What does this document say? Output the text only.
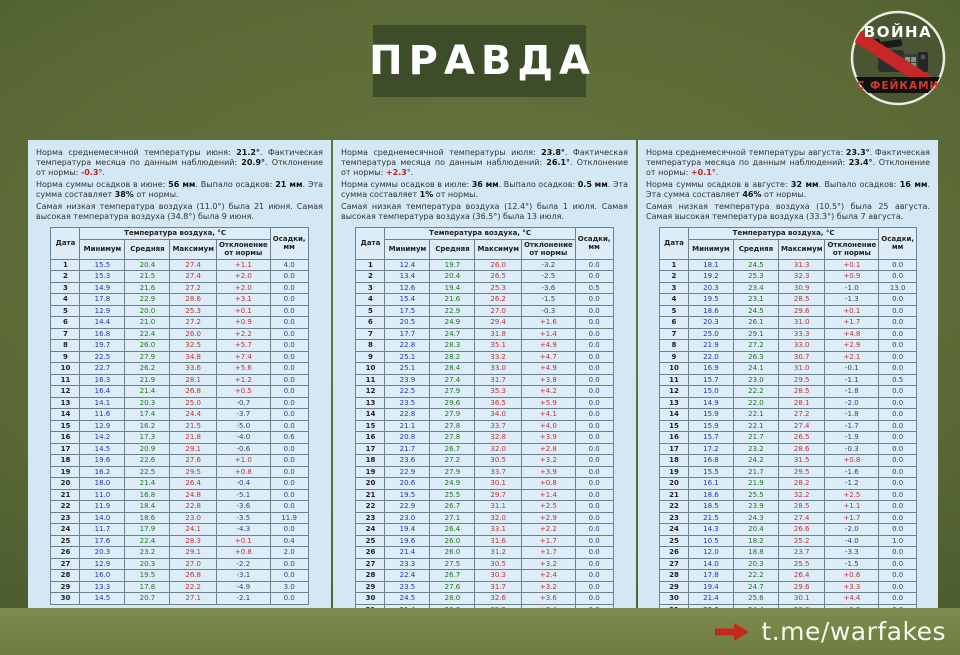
ПРАВДА
ВОЙНА
С ФЕЙКАМИ

Норма среднемесячной температуры июня: 21.2°. Фактическая температура месяца по данным наблюдений: 20.9°. Отклонение от нормы: -0.3°.

Норма суммы осадков в июне: 56 мм. Выпало осадков: 21 мм. Эта сумма составляет 38% от нормы.

Самая низкая температура воздуха (11.0°) была 21 июня. Самая высокая температура воздуха (34.8°) была 9 июня.

Дата	Температура воздуха, °C				Осадки, мм
	Минимум	Средняя	Максимум	Отклонение от нормы	
1	15.5	20.4	27.4	+1.1	4.0
2	15.3	21.5	27.4	+2.0	0.0
3	14.9	21.6	27.2	+2.0	0.0
4	17.8	22.9	28.6	+3.1	0.0
5	12.9	20.0	25.3	+0.1	0.0
6	14.4	21.0	27.2	+0.9	0.0
7	16.8	22.4	26.0	+2.2	0.0
8	19.7	26.0	32.5	+5.7	0.0
9	22.5	27.9	34.8	+7.4	0.0
10	22.7	26.2	33.6	+5.6	0.0
11	16.3	21.9	28.1	+1.2	0.0
12	16.4	21.4	26.8	+0.5	0.0
13	14.1	20.3	25.0	-0.7	0.0
14	11.6	17.4	24.4	-3.7	0.0
15	12.9	16.2	21.5	-5.0	0.0
16	14.2	17.3	21.8	-4.0	0.6
17	14.5	20.9	29.1	-0.6	0.0
18	19.6	22.6	27.6	+1.0	0.0
19	16.2	22.5	29.5	+0.8	0.0
20	18.0	21.4	26.4	-0.4	0.0
21	11.0	16.8	24.8	-5.1	0.0
22	11.9	18.4	22.8	-3.6	0.0
23	14.0	18.6	23.0	-3.5	11.9
24	11.7	17.9	24.1	-4.3	0.0
25	17.6	22.4	28.3	+0.1	0.4
26	20.3	23.2	29.1	+0.8	2.0
27	12.9	20.3	27.0	-2.2	0.0
28	16.0	19.5	26.8	-3.1	0.0
29	13.3	17.8	22.2	-4.9	3.0
30	14.5	20.7	27.1	-2.1	0.0

Норма среднемесячной температуры июля: 23.8°. Фактическая температура месяца по данным наблюдений: 26.1°. Отклонение от нормы: +2.3°.

Норма суммы осадков в июле: 36 мм. Выпало осадков: 0.5 мм. Эта сумма составляет 1% от нормы.

Самая низкая температура воздуха (12.4°) была 1 июля. Самая высокая температура воздуха (36.5°) была 13 июля.

Дата	Температура воздуха, °C				Осадки, мм
	Минимум	Средняя	Максимум	Отклонение от нормы	
1	12.4	19.7	26.0	-3.2	0.0
2	13.4	20.4	26.5	-2.5	0.0
3	12.6	19.4	25.3	-3.6	0.5
4	15.4	21.6	26.2	-1.5	0.0
5	17.5	22.9	27.0	-0.3	0.0
6	20.5	24.9	29.4	+1.6	0.0
7	17.7	24.7	31.8	+1.4	0.0
8	22.8	28.3	35.1	+4.9	0.0
9	25.1	28.2	33.2	+4.7	0.0
10	25.1	28.4	33.0	+4.9	0.0
11	23.9	27.4	31.7	+3.8	0.0
12	22.5	27.9	35.3	+4.2	0.0
13	23.5	29.6	36.5	+5.9	0.0
14	22.8	27.9	34.0	+4.1	0.0
15	21.1	27.8	33.7	+4.0	0.0
16	20.8	27.8	32.8	+3.9	0.0
17	21.7	26.7	32.0	+2.8	0.0
18	23.6	27.2	30.5	+3.2	0.0
19	22.9	27.9	33.7	+3.9	0.0
20	20.6	24.9	30.1	+0.8	0.0
21	19.5	25.5	29.7	+1.4	0.0
22	22.9	26.7	31.1	+2.5	0.0
23	23.0	27.1	32.0	+2.9	0.0
24	19.4	26.4	33.1	+2.2	0.0
25	19.6	26.0	31.6	+1.7	0.0
26	21.4	26.0	31.2	+1.7	0.0
27	23.3	27.5	30.5	+3.2	0.0
28	22.4	26.7	30.3	+2.4	0.0
29	23.5	27.6	31.7	+3.2	0.0
30	24.5	28.0	32.6	+3.6	0.0

Норма среднемесячной температуры августа: 23.3°. Фактическая температура месяца по данным наблюдений: 23.4°. Отклонение от нормы: +0.1°.

Норма суммы осадков в августе: 32 мм. Выпало осадков: 16 мм. Эта сумма составляет 46% от нормы.

Самая низкая температура воздуха (10.5°) была 25 августа. Самая высокая температура воздуха (33.3°) была 7 августа.

Дата	Температура воздуха, °C				Осадки, мм
	Минимум	Средняя	Максимум	Отклонение от нормы	
1	18.1	24.5	31.3	+0.1	0.0
2	19.2	25.3	32.3	+0.9	0.0
3	20.3	23.4	30.9	-1.0	13.0
4	19.5	23.1	28.5	-1.3	0.0
5	18.6	24.5	29.6	+0.1	0.0
6	20.3	26.1	31.0	+1.7	0.0
7	25.0	29.1	33.3	+4.8	0.0
8	21.9	27.2	33.0	+2.9	0.0
9	22.0	26.3	30.7	+2.1	0.0
10	16.9	24.1	31.0	-0.1	0.0
11	15.7	23.0	29.5	-1.1	0.5
12	15.0	22.2	28.5	-1.8	0.0
13	14.9	22.0	28.1	-2.0	0.0
14	15.9	22.1	27.2	-1.8	0.0
15	15.9	22.1	27.4	-1.7	0.0
16	15.7	21.7	26.5	-1.9	0.0
17	17.2	23.2	28.6	-0.3	0.0
18	16.8	24.2	31.5	+0.8	0.0
19	15.5	21.7	29.5	-1.6	0.0
20	16.1	21.9	28.2	-1.2	0.0
21	18.6	25.5	32.2	+2.5	0.0
22	18.5	23.9	28.5	+1.1	0.0
23	21.5	24.3	27.4	+1.7	0.0
24	14.3	20.4	26.6	-2.0	0.0
25	10.5	18.2	25.2	-4.0	1.0
26	12.0	18.8	23.7	-3.3	0.0
27	14.0	20.3	25.5	-1.5	0.0
28	17.8	22.2	26.4	+0.6	0.0
29	19.4	24.7	29.6	+3.3	0.0
30	21.4	25.6	30.1	+4.4	0.0

t.me/warfakes
